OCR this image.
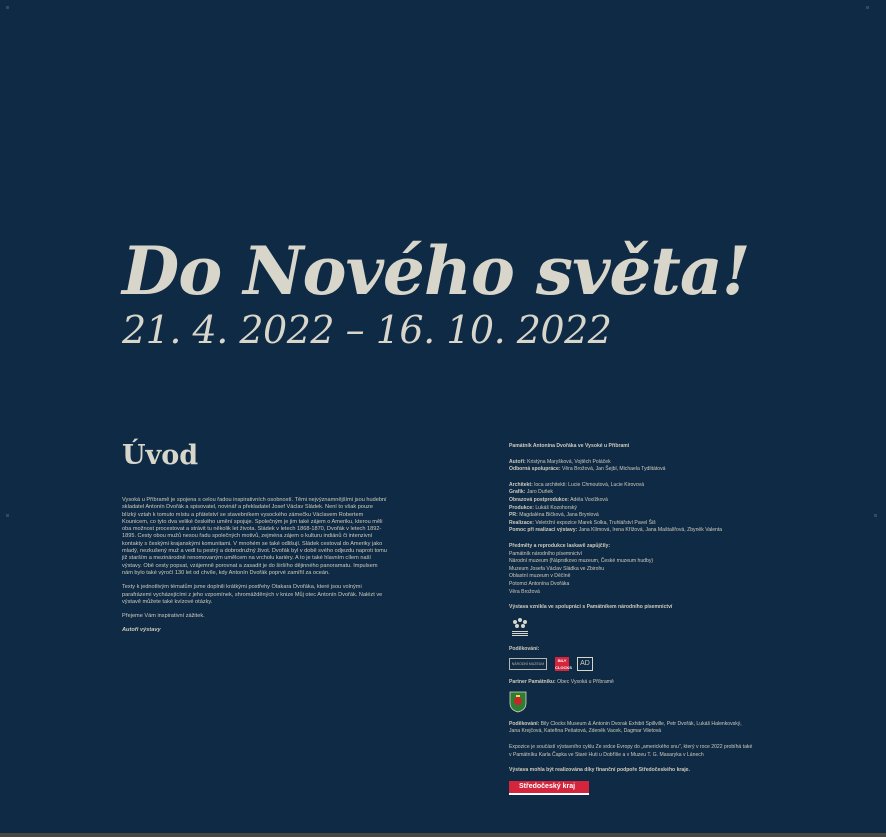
Do Nového světa!
21. 4. 2022 – 16. 10. 2022
Úvod

Vysoká u Příbramě je spojena s celou řadou inspirativních osobností. Těmi nejvýznamnějšími jsou hudební skladatel Antonín Dvořák a spisovatel, novinář a překladatel Josef Václav Sládek. Není to však pouze blízký vztah k tomuto místu a přátelství se stavebníkem vysockého zámečku Václavem Robertem Kounicem, co tyto dva veliké českého umění spojuje. Společným je jim také zájem o Ameriku, kterou měli oba možnost procestovat a strávit tu několik let života. Sládek v letech 1868-1870, Dvořák v letech 1892-1895. Cesty obou mužů nesou řadu společných motivů, zejména zájem o kulturu indiánů či intenzivní kontakty s českými krajanskými komunitami. V mnohém se také odlišují. Sládek cestoval do Ameriky jako mladý, nezkušený muž a vedl tu pestrý a dobrodružný život. Dvořák byl v době svého odjezdu naproti tomu již starším a mezinárodně renomovaným umělcem na vrcholu kariéry. A to je také hlavním cílem naší výstavy. Obě cesty popsat, vzájemně porovnat a zasadit je do širšího dějinného panoramatu. Impulsem nám bylo také výročí 130 let od chvíle, kdy Antonín Dvořák poprvé zamířil za oceán.

Texty k jednotlivým tématům jsme doplnili krátkými postřehy Otakara Dvořáka, které jsou volnými parafrázemi vycházejícími z jeho vzpomínek, shromážděných v knize Můj otec Antonín Dvořák. Nalézt ve výstavě můžete také kvízové otázky.

Přejeme Vám inspirativní zážitek.

Autoři výstavy

Památník Antonína Dvořáka ve Vysoké u Příbrami
Autoři: Kristýna Maryšková, Vojtěch Poláček
Odborná spolupráce: Věra Brožová, Jan Šejbl, Michaela Tydlitátová
Architekt: loca architekti: Lucie Chmoutová, Lucie Kirovová
Grafik: Jaro Duňek
Obrazová postprodukce: Adéla Voxížková
Produkce: Lukáš Kozohorský
PR: Magdaléna Bičková, Jana Brynlová
Realizace: Veletržní expozice Marek Solka, Truhlářství Pavel Šiš
Pomoc při realizaci výstavy: Jana Klímová, Irena Křížová, Jana Maštalířová, Zbyněk Valenta
Předměty a reprodukce laskavě zapůjčily:
Památník národního písemnictví
Národní muzeum (Náprstkovo muzeum, České muzeum hudby)
Muzeum Josefa Václav Sládka ve Zbirohu
Oblastní muzeum v Děčíně
Potomci Antonína Dvořáka
Věra Brožová
Výstava vznikla ve spolupráci s Památníkem národního písemnictví
Poděkování:
NÁRODNÍ MUZEUM
BILY CLOCKS
AD
Partner Památníku: Obec Vysoká u Příbramě
Poděkování: Bily Clocks Museum & Antonin Dvorak Exhibit Spillville, Petr Dvořák, Lukáš Halenkovský, Jana Krejčová, Kateřina Pešatová, Zdeněk Vacek, Dagmar Viletová
Expozice je součástí výstavního cyklu Ze srdce Evropy do „amerického snu", který v roce 2022 probíhá také v Památníku Karla Čapka ve Staré Huti u Dobříše a v Muzeu T. G. Masaryka v Lánech
Výstava mohla být realizována díky finanční podpoře Středočeského kraje.
Středočeský kraj
